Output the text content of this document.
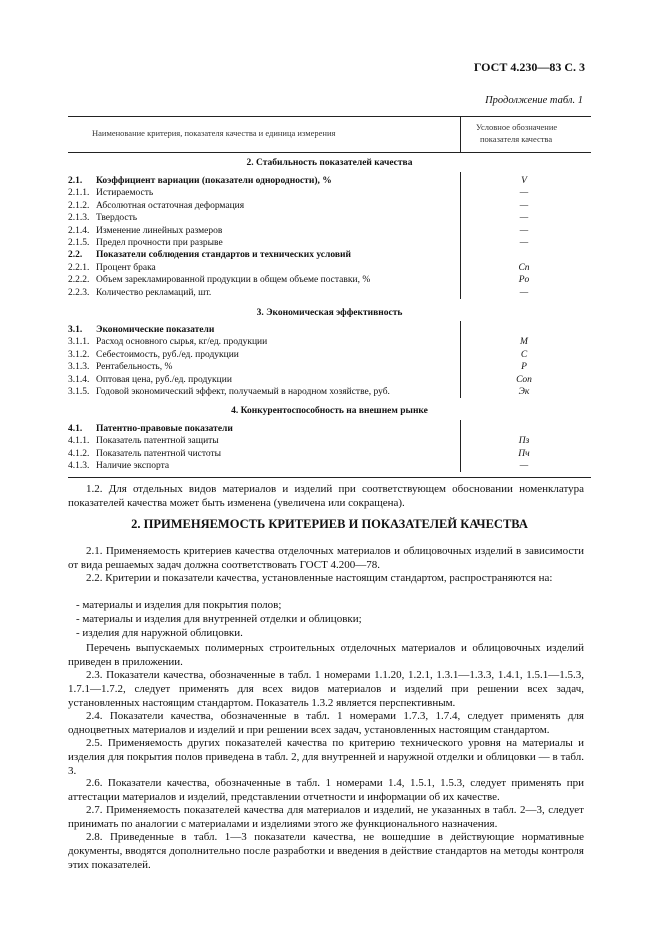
ГОСТ 4.230—83 С. 3
Продолжение табл. 1
Наименование критерия, показателя качества и единица измерения
Условное обозначение
показателя качества
2. Стабильность показателей качества
2.1. Коэффициент вариации (показатели однородности), %	V
2.1.1. Истираемость	—
2.1.2. Абсолютная остаточная деформация	—
2.1.3. Твердость	—
2.1.4. Изменение линейных размеров	—
2.1.5. Предел прочности при разрыве	—
2.2. Показатели соблюдения стандартов и технических условий
2.2.1. Процент брака	Cп
2.2.2. Объем зарекламированной продукции в общем объеме поставки, %	Pо
2.2.3. Количество рекламаций, шт.	—
3. Экономическая эффективность
3.1. Экономические показатели
3.1.1. Расход основного сырья, кг/ед. продукции	M
3.1.2. Себестоимость, руб./ед. продукции	C
3.1.3. Рентабельность, %	P
3.1.4. Оптовая цена, руб./ед. продукции	Cоп
3.1.5. Годовой экономический эффект, получаемый в народном хозяйстве, руб.	Эк
4. Конкурентоспособность на внешнем рынке
4.1. Патентно-правовые показатели
4.1.1. Показатель патентной защиты	Пз
4.1.2. Показатель патентной чистоты	Пч
4.1.3. Наличие экспорта	—
1.2. Для отдельных видов материалов и изделий при соответствующем обосновании номенклатура показателей качества может быть изменена (увеличена или сокращена).
2. ПРИМЕНЯЕМОСТЬ КРИТЕРИЕВ И ПОКАЗАТЕЛЕЙ КАЧЕСТВА
2.1. Применяемость критериев качества отделочных материалов и облицовочных изделий в зависимости от вида решаемых задач должна соответствовать ГОСТ 4.200—78.
2.2. Критерии и показатели качества, установленные настоящим стандартом, распространяются на:
- материалы и изделия для покрытия полов;
- материалы и изделия для внутренней отделки и облицовки;
- изделия для наружной облицовки.
Перечень выпускаемых полимерных строительных отделочных материалов и облицовочных изделий приведен в приложении.
2.3. Показатели качества, обозначенные в табл. 1 номерами 1.1.20, 1.2.1, 1.3.1—1.3.3, 1.4.1, 1.5.1—1.5.3, 1.7.1—1.7.2, следует применять для всех видов материалов и изделий при решении всех задач, установленных настоящим стандартом. Показатель 1.3.2 является перспективным.
2.4. Показатели качества, обозначенные в табл. 1 номерами 1.7.3, 1.7.4, следует применять для одноцветных материалов и изделий и при решении всех задач, установленных настоящим стандартом.
2.5. Применяемость других показателей качества по критерию технического уровня на материалы и изделия для покрытия полов приведена в табл. 2, для внутренней и наружной отделки и облицовки — в табл. 3.
2.6. Показатели качества, обозначенные в табл. 1 номерами 1.4, 1.5.1, 1.5.3, следует применять при аттестации материалов и изделий, представлении отчетности и информации об их качестве.
2.7. Применяемость показателей качества для материалов и изделий, не указанных в табл. 2—3, следует принимать по аналогии с материалами и изделиями этого же функционального назначения.
2.8. Приведенные в табл. 1—3 показатели качества, не вошедшие в действующие нормативные документы, вводятся дополнительно после разработки и введения в действие стандартов на методы контроля этих показателей.
